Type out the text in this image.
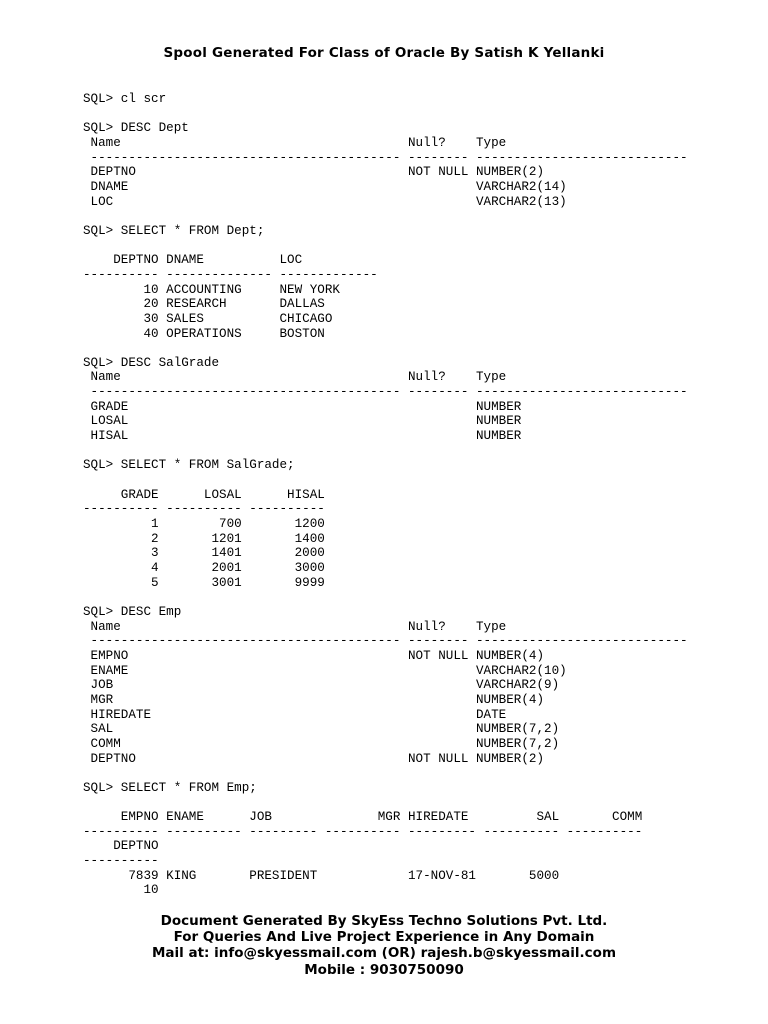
Spool Generated For Class of Oracle By Satish K Yellanki
SQL> cl scr

SQL> DESC Dept
Name                                      Null?    Type
----------------------------------------- -------- ----------------------------
DEPTNO                                    NOT NULL NUMBER(2)
DNAME                                              VARCHAR2(14)
LOC                                                VARCHAR2(13)

SQL> SELECT * FROM Dept;

DEPTNO DNAME          LOC
---------- -------------- -------------
10 ACCOUNTING     NEW YORK
20 RESEARCH       DALLAS
30 SALES          CHICAGO
40 OPERATIONS     BOSTON

SQL> DESC SalGrade
Name                                      Null?    Type
----------------------------------------- -------- ----------------------------
GRADE                                              NUMBER
LOSAL                                              NUMBER
HISAL                                              NUMBER

SQL> SELECT * FROM SalGrade;

GRADE      LOSAL      HISAL
---------- ---------- ----------
1        700       1200
2       1201       1400
3       1401       2000
4       2001       3000
5       3001       9999

SQL> DESC Emp
Name                                      Null?    Type
----------------------------------------- -------- ----------------------------
EMPNO                                     NOT NULL NUMBER(4)
ENAME                                              VARCHAR2(10)
JOB                                                VARCHAR2(9)
MGR                                                NUMBER(4)
HIREDATE                                           DATE
SAL                                                NUMBER(7,2)
COMM                                               NUMBER(7,2)
DEPTNO                                    NOT NULL NUMBER(2)

SQL> SELECT * FROM Emp;

EMPNO ENAME      JOB              MGR HIREDATE         SAL       COMM
---------- ---------- --------- ---------- --------- ---------- ----------
DEPTNO
----------
7839 KING       PRESIDENT            17-NOV-81       5000
10
Document Generated By SkyEss Techno Solutions Pvt. Ltd.
For Queries And Live Project Experience in Any Domain
Mail at: info@skyessmail.com (OR) rajesh.b@skyessmail.com
Mobile : 9030750090
